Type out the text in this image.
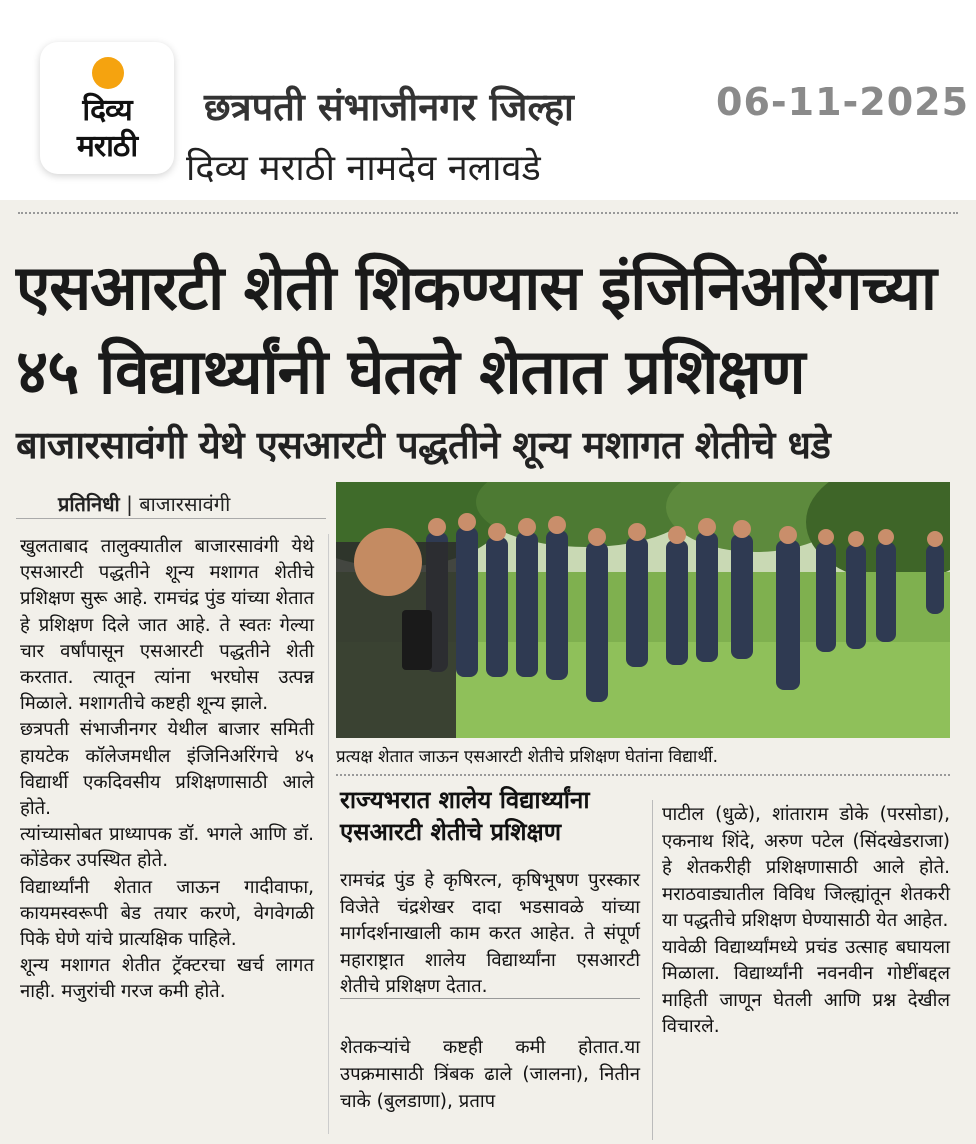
दिव्य
मराठी
छत्रपती संभाजीनगर जिल्हा	06-11-2025
दिव्य मराठी नामदेव नलावडे
एसआरटी शेती शिकण्यास इंजिनिअरिंगच्या
४५ विद्यार्थ्यांनी घेतले शेतात प्रशिक्षण
बाजारसावंगी येथे एसआरटी पद्धतीने शून्य मशागत शेतीचे धडे
प्रतिनिधी | बाजारसावंगी

खुलताबाद तालुक्यातील बाजारसावंगी येथे एसआरटी पद्धतीने शून्य मशागत शेतीचे प्रशिक्षण सुरू आहे. रामचंद्र पुंड यांच्या शेतात हे प्रशिक्षण दिले जात आहे. ते स्वतः गेल्या चार वर्षांपासून एसआरटी पद्धतीने शेती करतात. त्यातून त्यांना भरघोस उत्पन्न मिळाले. मशागतीचे कष्टही शून्य झाले.

छत्रपती संभाजीनगर येथील बाजार समिती हायटेक कॉलेजमधील इंजिनिअरिंगचे ४५ विद्यार्थी एकदिवसीय प्रशिक्षणासाठी आले होते.

त्यांच्यासोबत प्राध्यापक डॉ. भगले आणि डॉ. कोंडेकर उपस्थित होते.

विद्यार्थ्यांनी शेतात जाऊन गादीवाफा, कायमस्वरूपी बेड तयार करणे, वेगवेगळी पिके घेणे यांचे प्रात्यक्षिक पाहिले.

शून्य मशागत शेतीत ट्रॅक्टरचा खर्च लागत नाही. मजुरांची गरज कमी होते.

प्रत्यक्ष शेतात जाऊन एसआरटी शेतीचे प्रशिक्षण घेतांना विद्यार्थी.
राज्यभरात शालेय विद्यार्थ्यांना एसआरटी शेतीचे प्रशिक्षण
रामचंद्र पुंड हे कृषिरत्न, कृषिभूषण पुरस्कार विजेते चंद्रशेखर दादा भडसावळे यांच्या मार्गदर्शनाखाली काम करत आहेत. ते संपूर्ण महाराष्ट्रात शालेय विद्यार्थ्यांना एसआरटी शेतीचे प्रशिक्षण देतात.
शेतकऱ्यांचे कष्टही कमी होतात.या उपक्रमासाठी त्रिंबक ढाले (जालना), नितीन चाके (बुलडाणा), प्रताप

पाटील (धुळे), शांताराम डोके (परसोडा), एकनाथ शिंदे, अरुण पटेल (सिंदखेडराजा) हे शेतकरीही प्रशिक्षणासाठी आले होते. मराठवाड्यातील विविध जिल्ह्यांतून शेतकरी या पद्धतीचे प्रशिक्षण घेण्यासाठी येत आहेत.

यावेळी विद्यार्थ्यांमध्ये प्रचंड उत्साह बघायला मिळाला. विद्यार्थ्यांनी नवनवीन गोष्टींबद्दल माहिती जाणून घेतली आणि प्रश्न देखील विचारले.
